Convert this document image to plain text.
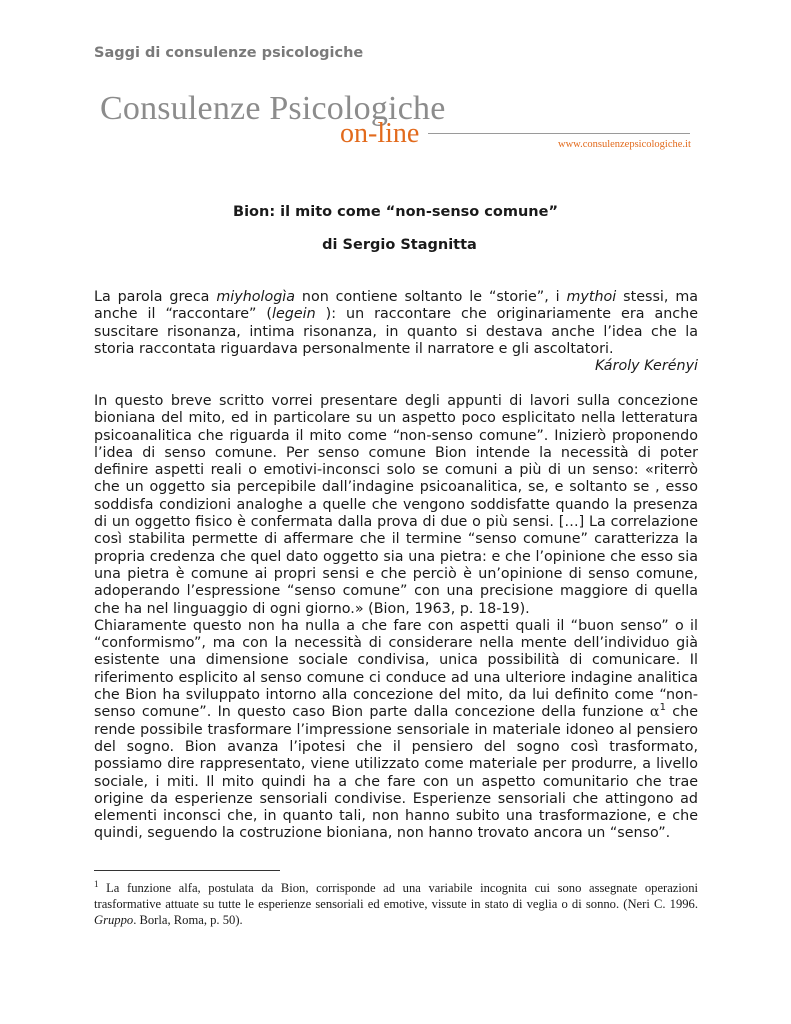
Saggi di consulenze psicologiche
Consulenze Psicologiche
on-line	www.consulenzepsicologiche.it
Bion: il mito come “non-senso comune”
di Sergio Stagnitta
La parola greca miyhologìa non contiene soltanto le “storie”, i mythoi stessi, ma anche il “raccontare” (legein ): un raccontare che originariamente era anche suscitare risonanza, intima risonanza, in quanto si destava anche l’idea che la storia raccontata riguardava personalmente il narratore e gli ascoltatori.
Károly Kerényi

In questo breve scritto vorrei presentare degli appunti di lavori sulla concezione bioniana del mito, ed in particolare su un aspetto poco esplicitato nella letteratura psicoanalitica che riguarda il mito come “non-senso comune”. Inizierò proponendo l’idea di senso comune. Per senso comune Bion intende la necessità di poter definire aspetti reali o emotivi-inconsci solo se comuni a più di un senso: «riterrò che un oggetto sia percepibile dall’indagine psicoanalitica, se, e soltanto se , esso soddisfa condizioni analoghe a quelle che vengono soddisfatte quando la presenza di un oggetto fisico è confermata dalla prova di due o più sensi. […] La correlazione così stabilita permette di affermare che il termine “senso comune” caratterizza la propria credenza che quel dato oggetto sia una pietra: e che l’opinione che esso sia una pietra è comune ai propri sensi e che perciò è un’opinione di senso comune, adoperando l’espressione “senso comune” con una precisione maggiore di quella che ha nel linguaggio di ogni giorno.» (Bion, 1963, p. 18-19).

Chiaramente questo non ha nulla a che fare con aspetti quali il “buon senso” o il “conformismo”, ma con la necessità di considerare nella mente dell’individuo già esistente una dimensione sociale condivisa, unica possibilità di comunicare. Il riferimento esplicito al senso comune ci conduce ad una ulteriore indagine analitica che Bion ha sviluppato intorno alla concezione del mito, da lui definito come “non-senso comune”. In questo caso Bion parte dalla concezione della funzione α$^1$ che rende possibile trasformare l’impressione sensoriale in materiale idoneo al pensiero del sogno. Bion avanza l’ipotesi che il pensiero del sogno così trasformato, possiamo dire rappresentato, viene utilizzato come materiale per produrre, a livello sociale, i miti. Il mito quindi ha a che fare con un aspetto comunitario che trae origine da esperienze sensoriali condivise. Esperienze sensoriali che attingono ad elementi inconsci che, in quanto tali, non hanno subito una trasformazione, e che quindi, seguendo la costruzione bioniana, non hanno trovato ancora un “senso”.

$^1$ La funzione alfa, postulata da Bion, corrisponde ad una variabile incognita cui sono assegnate operazioni trasformative attuate su tutte le esperienze sensoriali ed emotive, vissute in stato di veglia o di sonno. (Neri C. 1996. Gruppo. Borla, Roma, p. 50).
